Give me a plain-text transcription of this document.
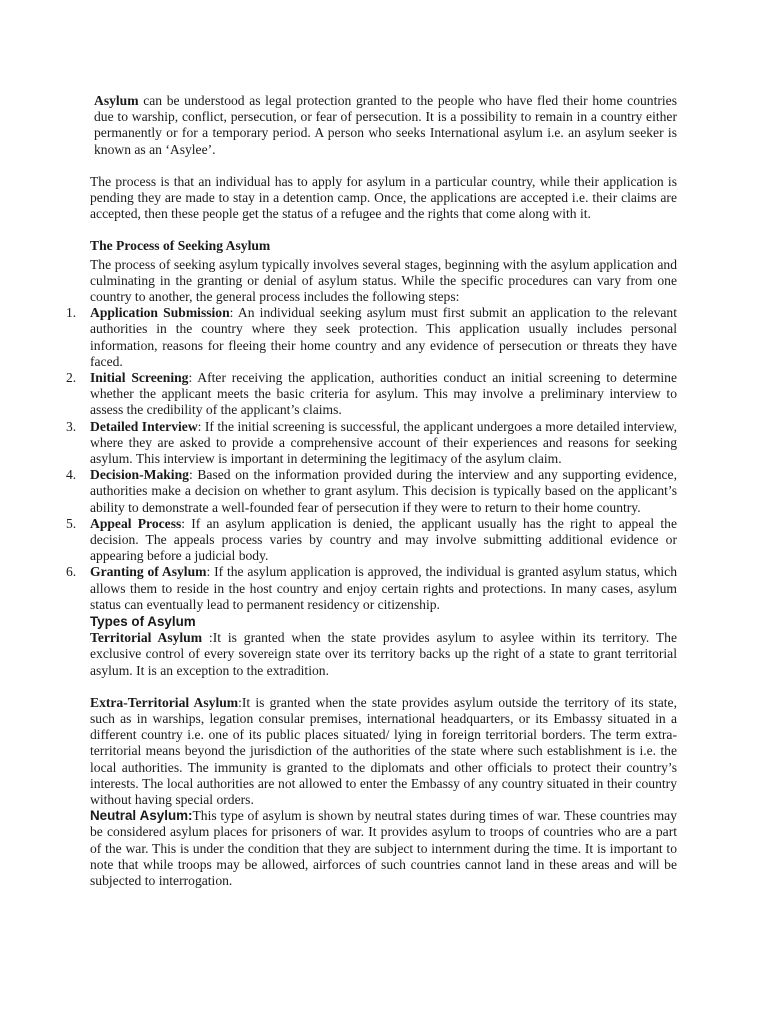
Asylum can be understood as legal protection granted to the people who have fled their home countries due to warship, conflict, persecution, or fear of persecution. It is a possibility to remain in a country either permanently or for a temporary period. A person who seeks International asylum i.e. an asylum seeker is known as an ‘Asylee’.

The process is that an individual has to apply for asylum in a particular country, while their application is pending they are made to stay in a detention camp. Once, the applications are accepted i.e. their claims are accepted, then these people get the status of a refugee and the rights that come along with it.

The Process of Seeking Asylum

The process of seeking asylum typically involves several stages, beginning with the asylum application and culminating in the granting or denial of asylum status. While the specific procedures can vary from one country to another, the general process includes the following steps:

1. Application Submission: An individual seeking asylum must first submit an application to the relevant authorities in the country where they seek protection. This application usually includes personal information, reasons for fleeing their home country and any evidence of persecution or threats they have faced.
2. Initial Screening: After receiving the application, authorities conduct an initial screening to determine whether the applicant meets the basic criteria for asylum. This may involve a preliminary interview to assess the credibility of the applicant’s claims.
3. Detailed Interview: If the initial screening is successful, the applicant undergoes a more detailed interview, where they are asked to provide a comprehensive account of their experiences and reasons for seeking asylum. This interview is important in determining the legitimacy of the asylum claim.
4. Decision-Making: Based on the information provided during the interview and any supporting evidence, authorities make a decision on whether to grant asylum. This decision is typically based on the applicant’s ability to demonstrate a well-founded fear of persecution if they were to return to their home country.
5. Appeal Process: If an asylum application is denied, the applicant usually has the right to appeal the decision. The appeals process varies by country and may involve submitting additional evidence or appearing before a judicial body.
6. Granting of Asylum: If the asylum application is approved, the individual is granted asylum status, which allows them to reside in the host country and enjoy certain rights and protections. In many cases, asylum status can eventually lead to permanent residency or citizenship.

Types of Asylum

Territorial Asylum :It is granted when the state provides asylum to asylee within its territory. The exclusive control of every sovereign state over its territory backs up the right of a state to grant territorial asylum. It is an exception to the extradition.

Extra-Territorial Asylum:It is granted when the state provides asylum outside the territory of its state, such as in warships, legation consular premises, international headquarters, or its Embassy situated in a different country i.e. one of its public places situated/ lying in foreign territorial borders. The term extra-territorial means beyond the jurisdiction of the authorities of the state where such establishment is i.e. the local authorities. The immunity is granted to the diplomats and other officials to protect their country’s interests. The local authorities are not allowed to enter the Embassy of any country situated in their country without having special orders.

Neutral Asylum:This type of asylum is shown by neutral states during times of war. These countries may be considered asylum places for prisoners of war. It provides asylum to troops of countries who are a part of the war. This is under the condition that they are subject to internment during the time. It is important to note that while troops may be allowed, airforces of such countries cannot land in these areas and will be subjected to interrogation.
